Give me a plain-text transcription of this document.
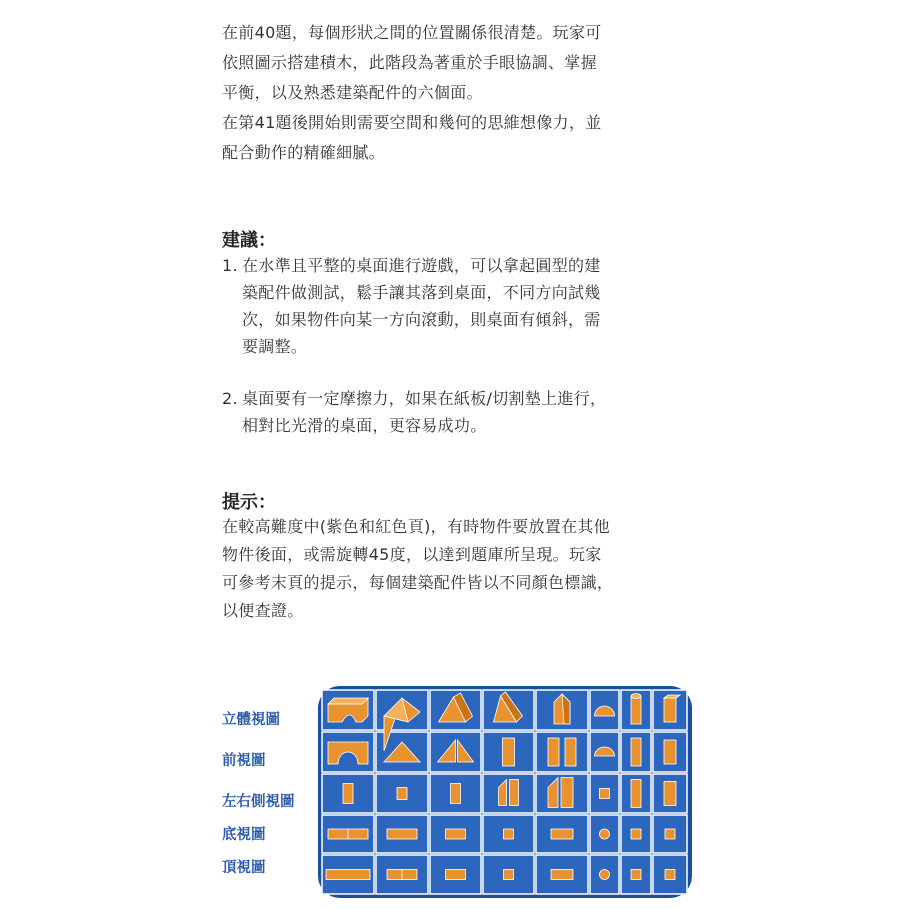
在前40題，每個形狀之間的位置關係很清楚。玩家可
依照圖示搭建積木，此階段為著重於手眼協調、掌握
平衡，以及熟悉建築配件的六個面。
在第41題後開始則需要空間和幾何的思維想像力，並
配合動作的精確細膩。
建議：
1. 在水準且平整的桌面進行遊戲，可以拿起圓型的建
築配件做測試，鬆手讓其落到桌面，不同方向試幾
次，如果物件向某一方向滾動，則桌面有傾斜，需
要調整。
2. 桌面要有一定摩擦力，如果在紙板/切割墊上進行，
相對比光滑的桌面，更容易成功。
提示：
在較高難度中(紫色和紅色頁)，有時物件要放置在其他
物件後面，或需旋轉45度，以達到題庫所呈現。玩家
可參考末頁的提示，每個建築配件皆以不同顏色標識，
以便查證。
立體視圖
前視圖
左右側視圖
底視圖
頂視圖
